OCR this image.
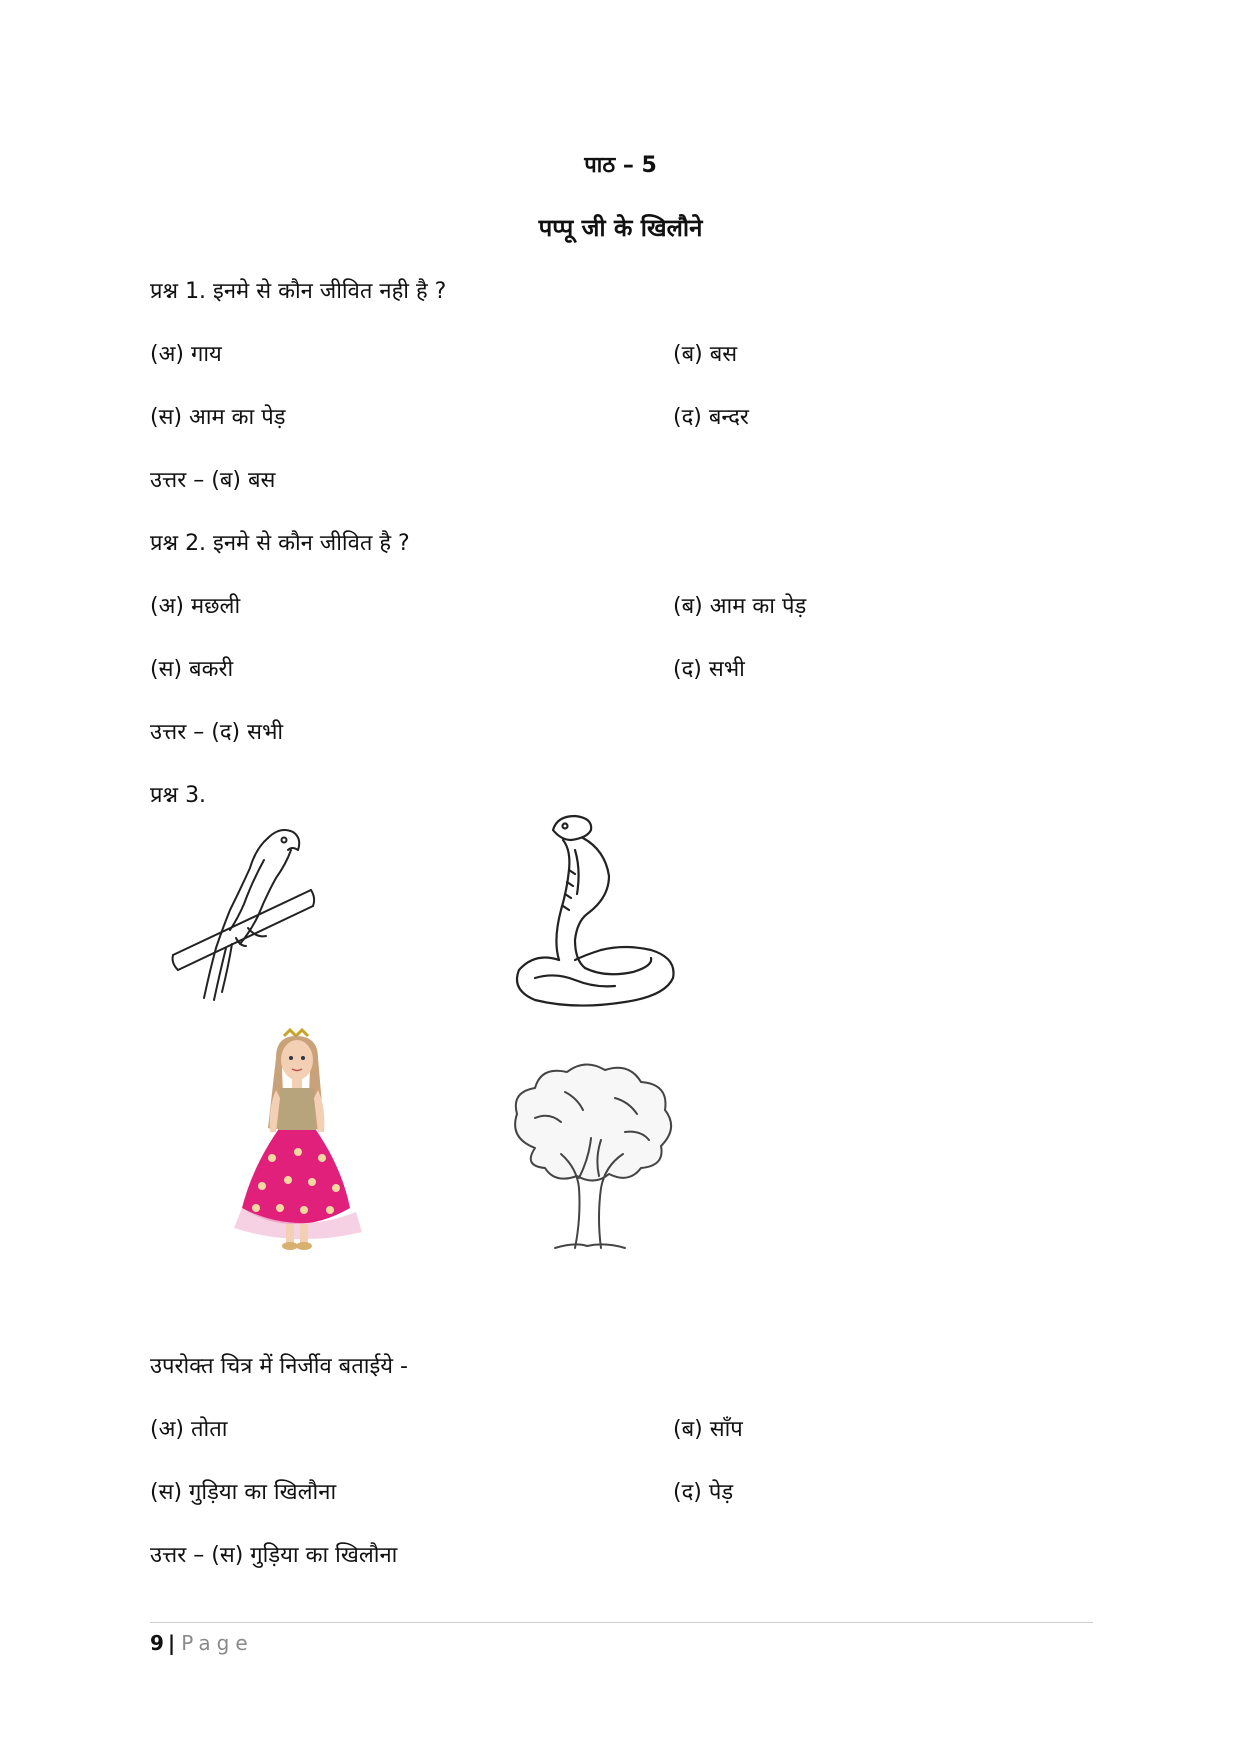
पाठ – 5
पप्पू जी के खिलौने
प्रश्न 1. इनमे से कौन जीवित नही है ?
(अ) गाय	(ब) बस
(स) आम का पेड़	(द) बन्दर
उत्तर – (ब) बस
प्रश्न 2. इनमे से कौन जीवित है ?
(अ) मछली	(ब) आम का पेड़
(स) बकरी	(द) सभी
उत्तर – (द) सभी
प्रश्न 3.
उपरोक्त चित्र में निर्जीव बताईये -
(अ) तोता	(ब) साँप
(स) गुड़िया का खिलौना	(द) पेड़
उत्तर – (स) गुड़िया का खिलौना
9 | Page
